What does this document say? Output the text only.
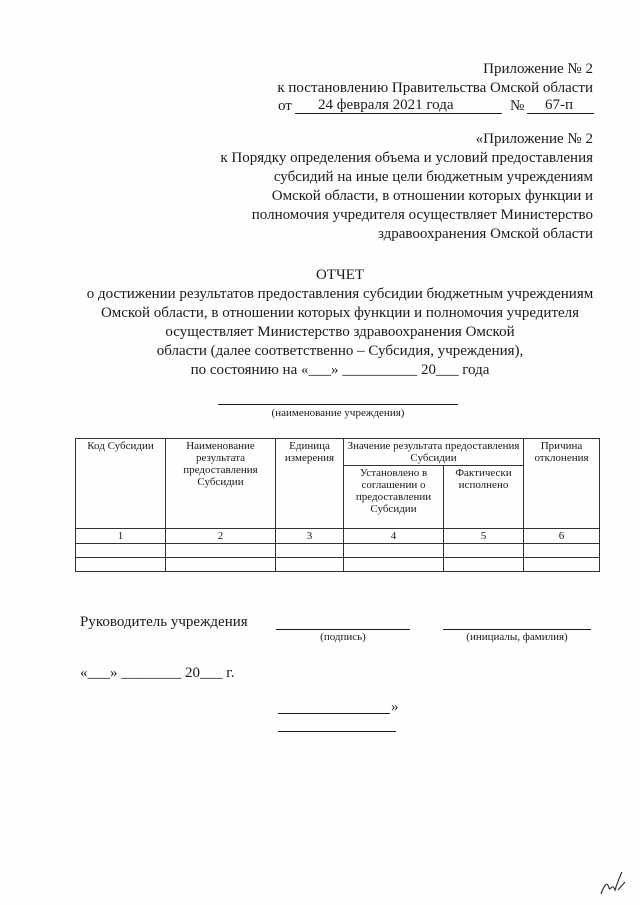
Приложение № 2
к постановлению Правительства Омской области
от 24 февраля 2021 года	№ 67-п
«Приложение № 2
к Порядку определения объема и условий предоставления
субсидий на иные цели бюджетным учреждениям
Омской области, в отношении которых функции и
полномочия учредителя осуществляет Министерство
здравоохранения Омской области
ОТЧЕТ
о достижении результатов предоставления субсидии бюджетным учреждениям
Омской области, в отношении которых функции и полномочия учредителя
осуществляет Министерство здравоохранения Омской
области (далее соответственно – Субсидия, учреждения),
по состоянию на «___» __________ 20___ года
(наименование учреждения)
Код Субсидии	Наименование результата предоставления Субсидии	Единица измерения	Значение результата предоставления Субсидии		Причина отклонения
			Установлено в соглашении о предоставлении Субсидии	Фактически исполнено	
1	2	3	4	5	6

Руководитель учреждения
(подпись)	(инициалы, фамилия)
«___» ________ 20___ г.
»
